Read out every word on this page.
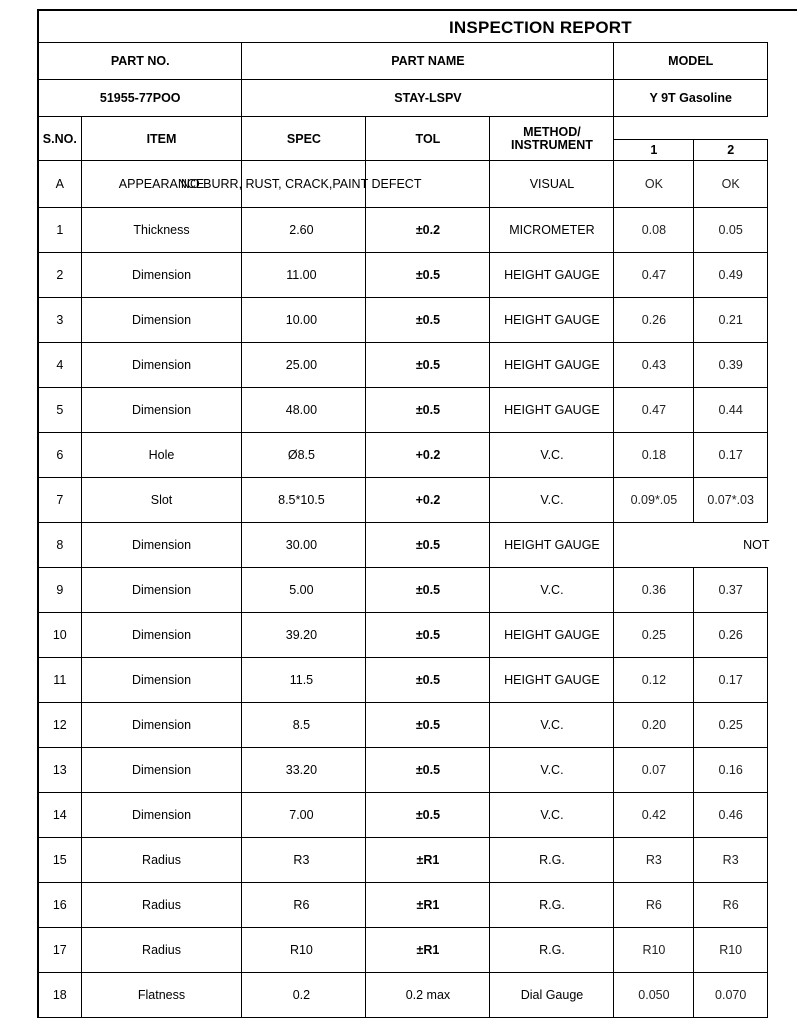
INSPECTION REPORT
PART NO.		PART NAME			MODEL	
51955-77POO		STAY-LSPV			Y 9T Gasoline	
S.NO.	ITEM	SPEC	TOL	METHOD/
INSTRUMENT		
					1	2
A	APPEARANCE	NO BURR, RUST, CRACK,PAINT DEFECT		VISUAL	OK	OK
1	Thickness	2.60	±0.2	MICROMETER	0.08	0.05
2	Dimension	11.00	±0.5	HEIGHT GAUGE	0.47	0.49
3	Dimension	10.00	±0.5	HEIGHT GAUGE	0.26	0.21
4	Dimension	25.00	±0.5	HEIGHT GAUGE	0.43	0.39
5	Dimension	48.00	±0.5	HEIGHT GAUGE	0.47	0.44
6	Hole	Ø8.5	+0.2	V.C.	0.18	0.17
7	Slot	8.5*10.5	+0.2	V.C.	0.09*.05	0.07*.03
8	Dimension	30.00	±0.5	HEIGHT GAUGE	NOT	
9	Dimension	5.00	±0.5	V.C.	0.36	0.37
10	Dimension	39.20	±0.5	HEIGHT GAUGE	0.25	0.26
11	Dimension	11.5	±0.5	HEIGHT GAUGE	0.12	0.17
12	Dimension	8.5	±0.5	V.C.	0.20	0.25
13	Dimension	33.20	±0.5	V.C.	0.07	0.16
14	Dimension	7.00	±0.5	V.C.	0.42	0.46
15	Radius	R3	±R1	R.G.	R3	R3
16	Radius	R6	±R1	R.G.	R6	R6
17	Radius	R10	±R1	R.G.	R10	R10
18	Flatness	0.2	0.2 max	Dial Gauge	0.050	0.070
